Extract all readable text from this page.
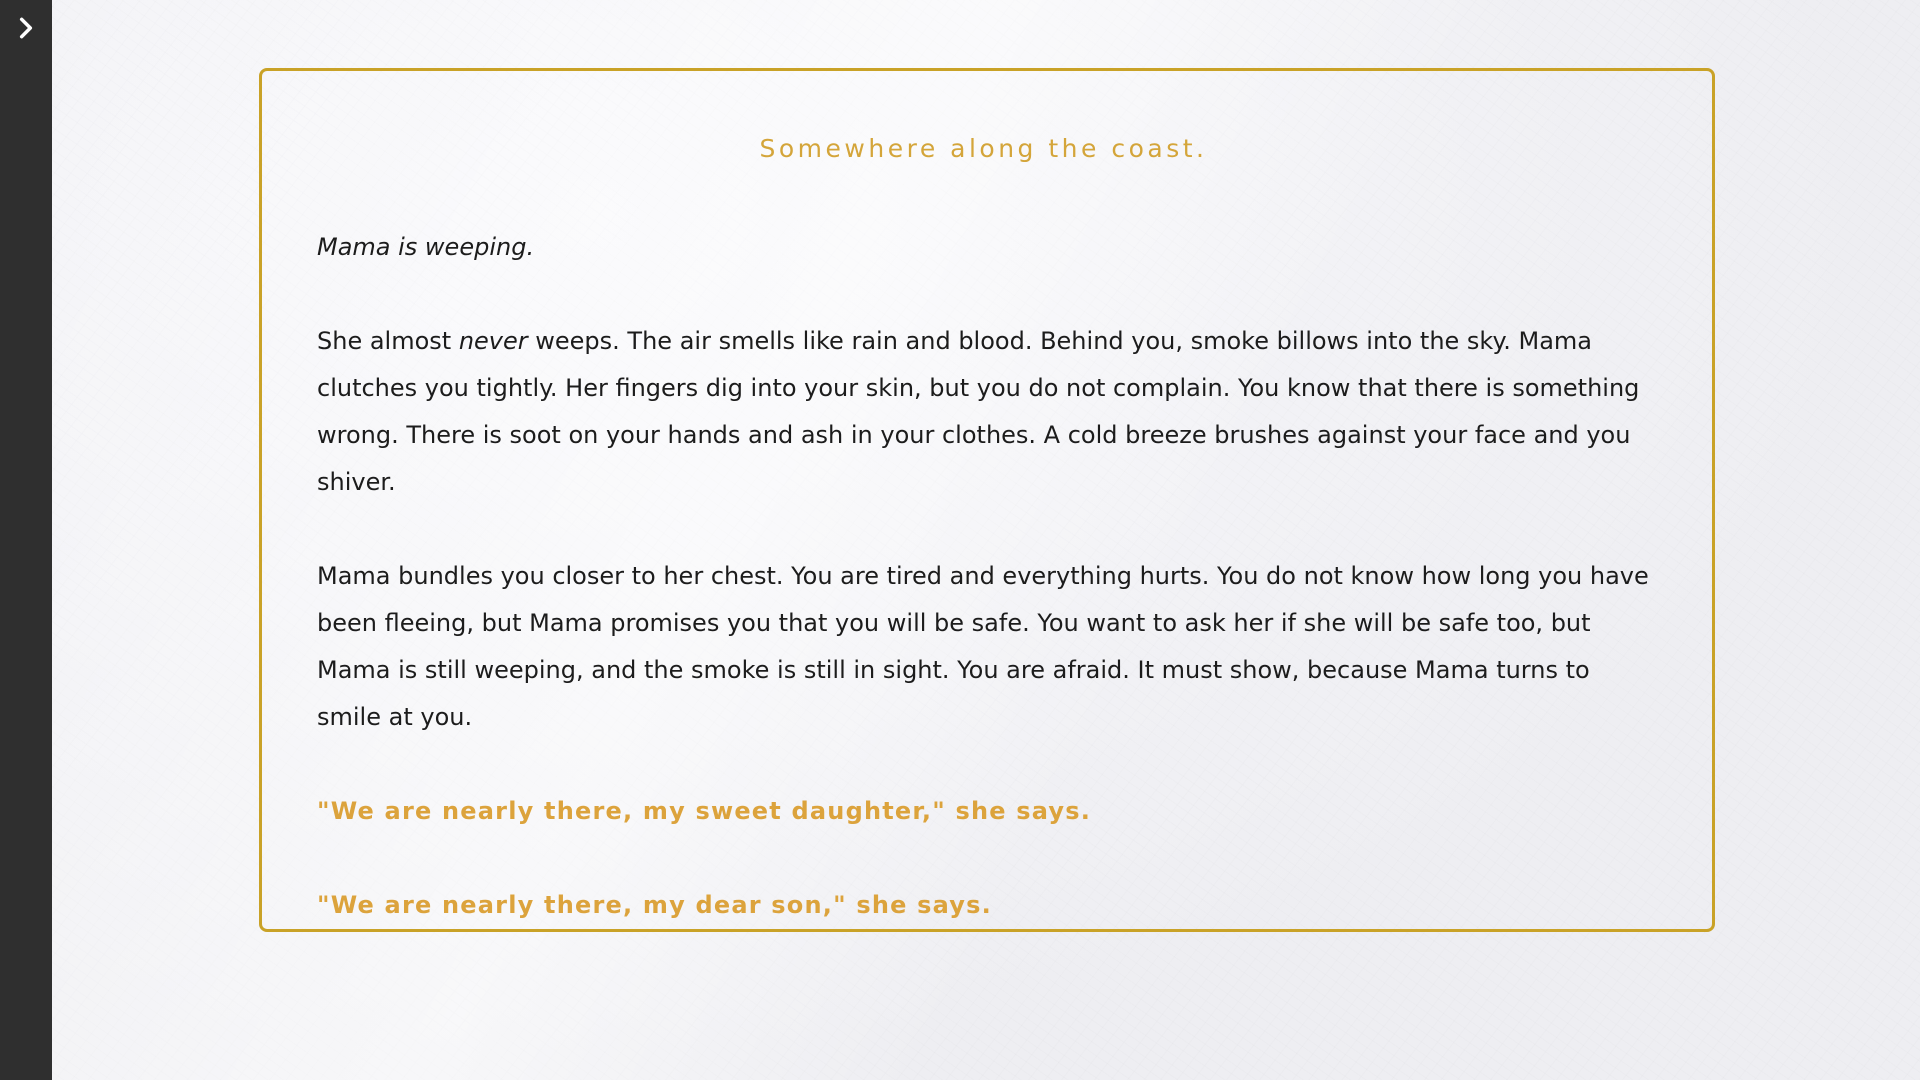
Somewhere along the coast.

Mama is weeping.

She almost never weeps. The air smells like rain and blood. Behind you, smoke billows into the sky. Mama clutches you tightly. Her fingers dig into your skin, but you do not complain. You know that there is something wrong. There is soot on your hands and ash in your clothes. A cold breeze brushes against your face and you shiver.

Mama bundles you closer to her chest. You are tired and everything hurts. You do not know how long you have been fleeing, but Mama promises you that you will be safe. You want to ask her if she will be safe too, but Mama is still weeping, and the smoke is still in sight. You are afraid. It must show, because Mama turns to smile at you.

"We are nearly there, my sweet daughter," she says.
"We are nearly there, my dear son," she says.
